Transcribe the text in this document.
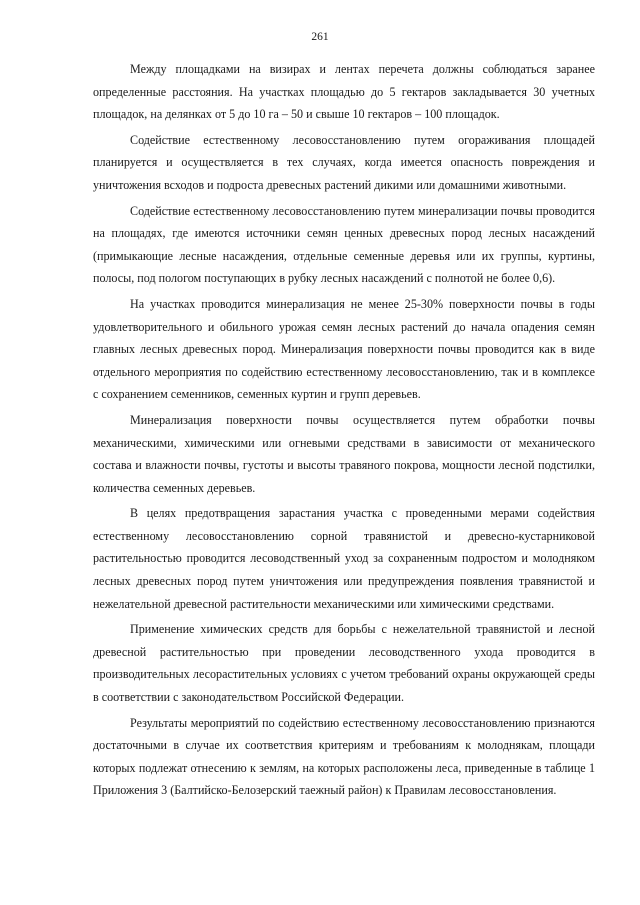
261

Между площадками на визирах и лентах перечета должны соблюдаться заранее определенные расстояния. На участках площадью до 5 гектаров закладывается 30 учетных площадок, на делянках от 5 до 10 га – 50 и свыше 10 гектаров – 100 площадок.

Содействие естественному лесовосстановлению путем огораживания площадей планируется и осуществляется в тех случаях, когда имеется опасность повреждения и уничтожения всходов и подроста древесных растений дикими или домашними животными.

Содействие естественному лесовосстановлению путем минерализации почвы проводится на площадях, где имеются источники семян ценных древесных пород лесных насаждений (примыкающие лесные насаждения, отдельные семенные деревья или их группы, куртины, полосы, под пологом поступающих в рубку лесных насаждений с полнотой не более 0,6).

На участках проводится минерализация не менее 25-30% поверхности почвы в годы удовлетворительного и обильного урожая семян лесных растений до начала опадения семян главных лесных древесных пород. Минерализация поверхности почвы проводится как в виде отдельного мероприятия по содействию естественному лесовосстановлению, так и в комплексе с сохранением семенников, семенных куртин и групп деревьев.

Минерализация поверхности почвы осуществляется путем обработки почвы механическими, химическими или огневыми средствами в зависимости от механического состава и влажности почвы, густоты и высоты травяного покрова, мощности лесной подстилки, количества семенных деревьев.

В целях предотвращения зарастания участка с проведенными мерами содействия естественному лесовосстановлению сорной травянистой и древесно-кустарниковой растительностью проводится лесоводственный уход за сохраненным подростом и молодняком лесных древесных пород путем уничтожения или предупреждения появления травянистой и нежелательной древесной растительности механическими или химическими средствами.

Применение химических средств для борьбы с нежелательной травянистой и лесной древесной растительностью при проведении лесоводственного ухода проводится в производительных лесорастительных условиях с учетом требований охраны окружающей среды в соответствии с законодательством Российской Федерации.

Результаты мероприятий по содействию естественному лесовосстановлению признаются достаточными в случае их соответствия критериям и требованиям к молоднякам, площади которых подлежат отнесению к землям, на которых расположены леса, приведенные в таблице 1 Приложения 3 (Балтийско-Белозерский таежный район) к Правилам лесовосстановления.
